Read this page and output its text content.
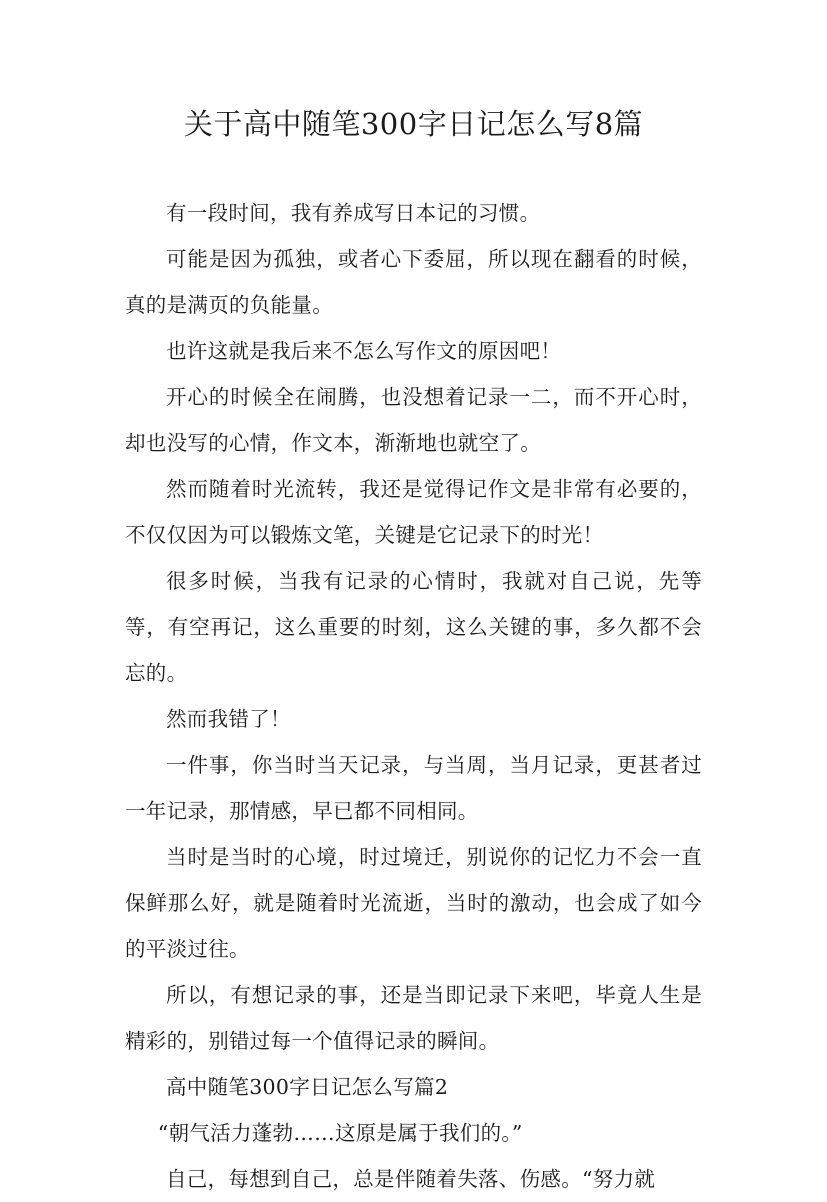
关于高中随笔300字日记怎么写8篇

有一段时间，我有养成写日本记的习惯。

可能是因为孤独，或者心下委屈，所以现在翻看的时候，真的是满页的负能量。

也许这就是我后来不怎么写作文的原因吧！

开心的时候全在闹腾，也没想着记录一二，而不开心时，却也没写的心情，作文本，渐渐地也就空了。

然而随着时光流转，我还是觉得记作文是非常有必要的，不仅仅因为可以锻炼文笔，关键是它记录下的时光！

很多时候，当我有记录的心情时，我就对自己说，先等等，有空再记，这么重要的时刻，这么关键的事，多久都不会忘的。

然而我错了！

一件事，你当时当天记录，与当周，当月记录，更甚者过一年记录，那情感，早已都不同相同。

当时是当时的心境，时过境迁，别说你的记忆力不会一直保鲜那么好，就是随着时光流逝，当时的激动，也会成了如今的平淡过往。

所以，有想记录的事，还是当即记录下来吧，毕竟人生是精彩的，别错过每一个值得记录的瞬间。

高中随笔300字日记怎么写篇2

“朝气活力蓬勃……这原是属于我们的。”

自己，每想到自己，总是伴随着失落、伤感。“努力就
